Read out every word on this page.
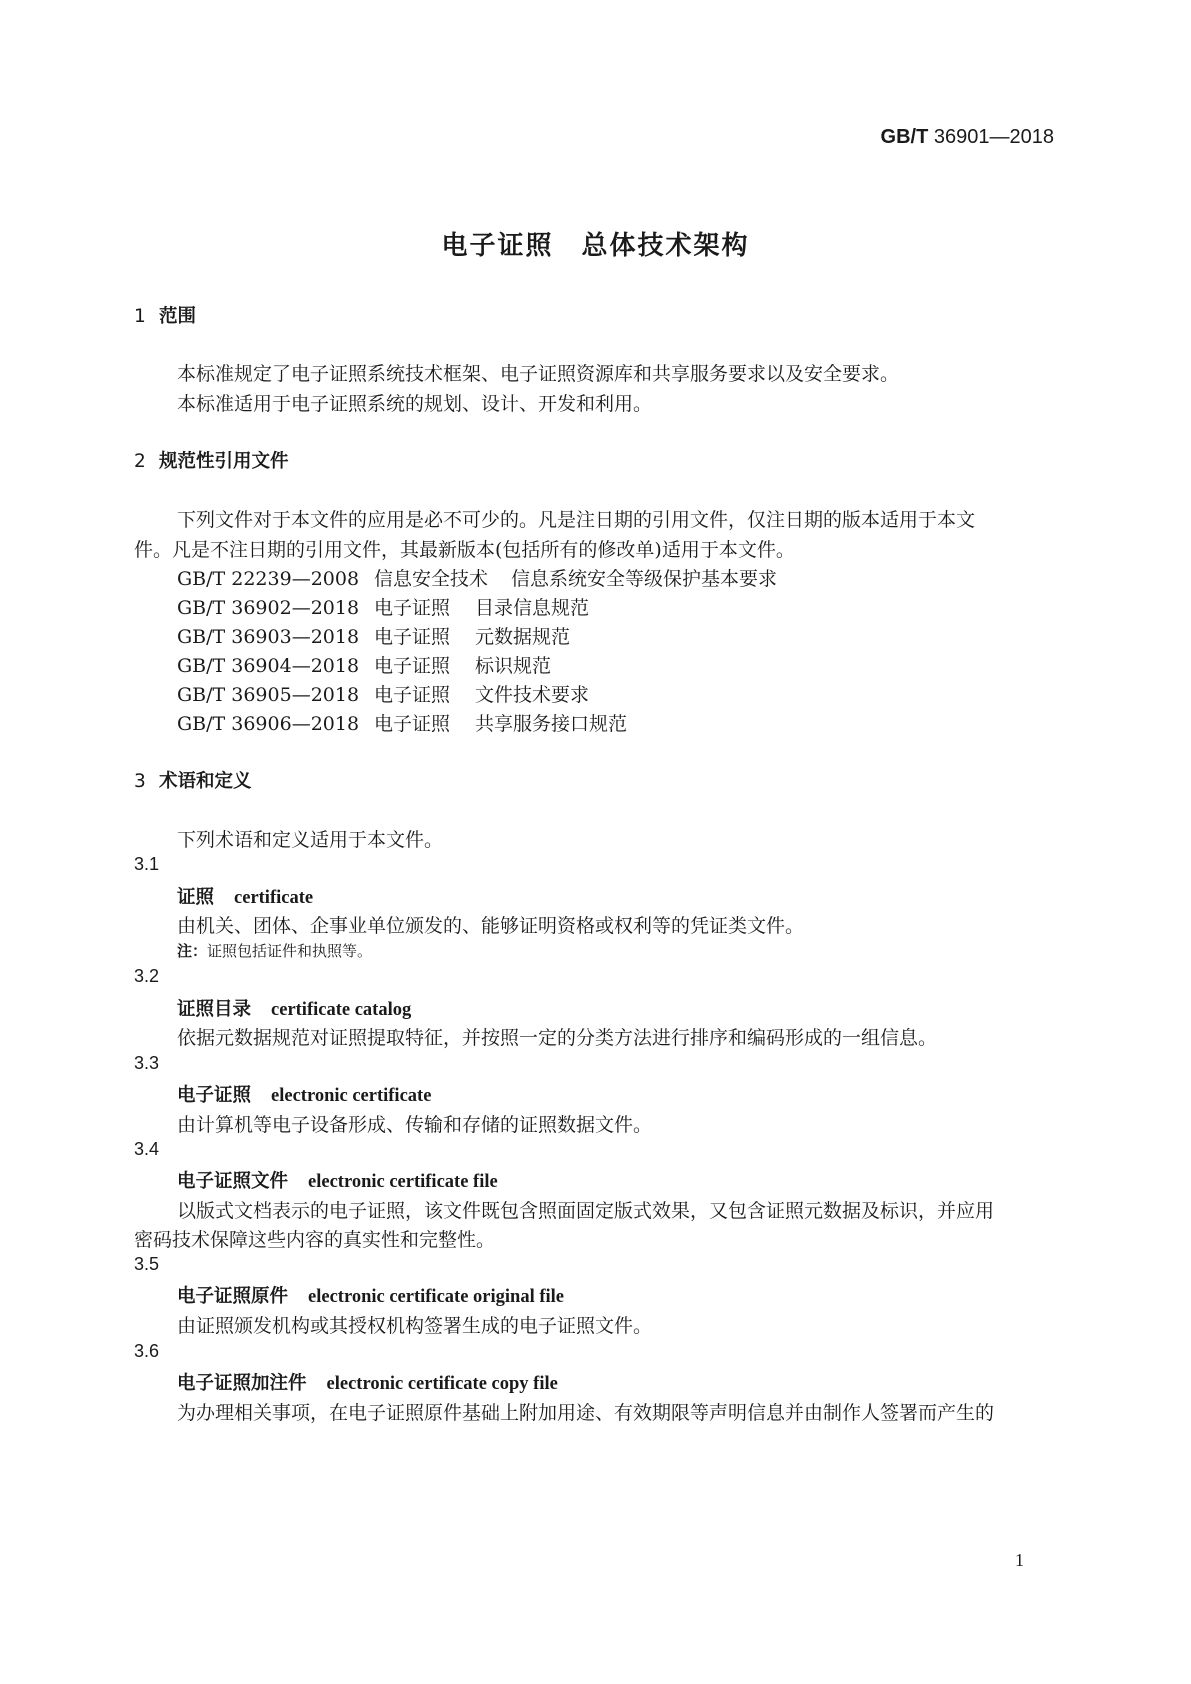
GB/T 36901—2018
电子证照　总体技术架构
1 范围
本标准规定了电子证照系统技术框架、电子证照资源库和共享服务要求以及安全要求。
本标准适用于电子证照系统的规划、设计、开发和利用。
2 规范性引用文件
下列文件对于本文件的应用是必不可少的。凡是注日期的引用文件，仅注日期的版本适用于本文
件。凡是不注日期的引用文件，其最新版本(包括所有的修改单)适用于本文件。
GB/T 22239—2008 信息安全技术 信息系统安全等级保护基本要求
GB/T 36902—2018 电子证照 目录信息规范
GB/T 36903—2018 电子证照 元数据规范
GB/T 36904—2018 电子证照 标识规范
GB/T 36905—2018 电子证照 文件技术要求
GB/T 36906—2018 电子证照 共享服务接口规范
3 术语和定义
下列术语和定义适用于本文件。
3.1
证照 certificate
由机关、团体、企事业单位颁发的、能够证明资格或权利等的凭证类文件。
注：证照包括证件和执照等。
3.2
证照目录 certificate catalog
依据元数据规范对证照提取特征，并按照一定的分类方法进行排序和编码形成的一组信息。
3.3
电子证照 electronic certificate
由计算机等电子设备形成、传输和存储的证照数据文件。
3.4
电子证照文件 electronic certificate file
以版式文档表示的电子证照，该文件既包含照面固定版式效果，又包含证照元数据及标识，并应用
密码技术保障这些内容的真实性和完整性。
3.5
电子证照原件 electronic certificate original file
由证照颁发机构或其授权机构签署生成的电子证照文件。
3.6
电子证照加注件 electronic certificate copy file
为办理相关事项，在电子证照原件基础上附加用途、有效期限等声明信息并由制作人签署而产生的
1
